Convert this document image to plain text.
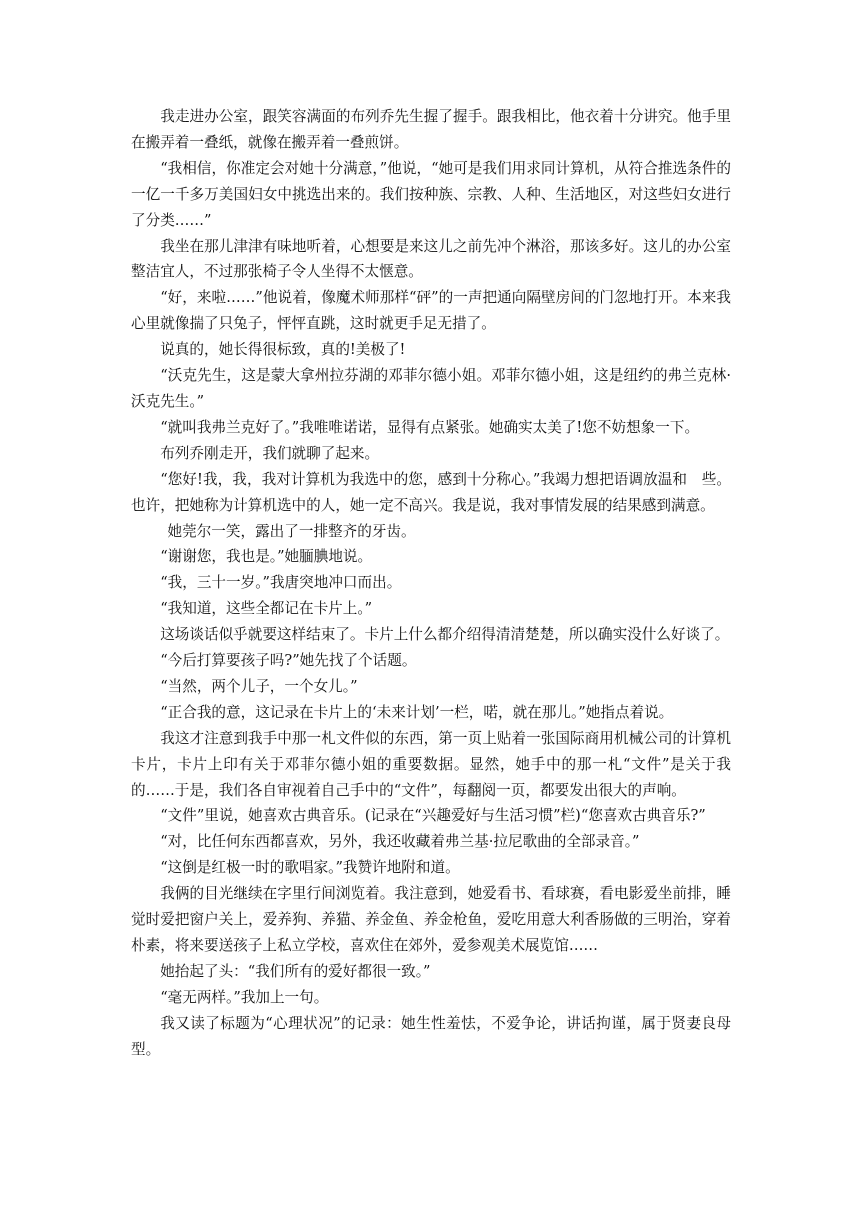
我走进办公室，跟笑容满面的布列乔先生握了握手。跟我相比，他衣着十分讲究。他手里在搬弄着一叠纸，就像在搬弄着一叠煎饼。

“我相信，你准定会对她十分满意，”他说，“她可是我们用求同计算机，从符合推选条件的一亿一千多万美国妇女中挑选出来的。我们按种族、宗教、人种、生活地区，对这些妇女进行了分类……”

我坐在那儿津津有味地听着，心想要是来这儿之前先冲个淋浴，那该多好。这儿的办公室整洁宜人，不过那张椅子令人坐得不太惬意。

“好，来啦……”他说着，像魔术师那样“砰”的一声把通向隔壁房间的门忽地打开。本来我心里就像揣了只兔子，怦怦直跳，这时就更手足无措了。

说真的，她长得很标致，真的!美极了!

“沃克先生，这是蒙大拿州拉芬湖的邓菲尔德小姐。邓菲尔德小姐，这是纽约的弗兰克林·沃克先生。”

“就叫我弗兰克好了。”我唯唯诺诺，显得有点紧张。她确实太美了!您不妨想象一下。

布列乔刚走开，我们就聊了起来。

“您好!我，我，我对计算机为我选中的您，感到十分称心。”我竭力想把语调放温和　些。也许，把她称为计算机选中的人，她一定不高兴。我是说，我对事情发展的结果感到满意。

她莞尔一笑，露出了一排整齐的牙齿。

“谢谢您，我也是。”她腼腆地说。

“我，三十一岁。”我唐突地冲口而出。

“我知道，这些全都记在卡片上。”

这场谈话似乎就要这样结束了。卡片上什么都介绍得清清楚楚，所以确实没什么好谈了。

“今后打算要孩子吗?”她先找了个话题。

“当然，两个儿子，一个女儿。”

“正合我的意，这记录在卡片上的‘未来计划’一栏，喏，就在那儿。”她指点着说。

我这才注意到我手中那一札文件似的东西，第一页上贴着一张国际商用机械公司的计算机卡片，卡片上印有关于邓菲尔德小姐的重要数据。显然，她手中的那一札“文件”是关于我的……于是，我们各自审视着自己手中的“文件”，每翻阅一页，都要发出很大的声响。

“文件”里说，她喜欢古典音乐。(记录在“兴趣爱好与生活习惯”栏)“您喜欢古典音乐?”

“对，比任何东西都喜欢，另外，我还收藏着弗兰基·拉尼歌曲的全部录音。”

“这倒是红极一时的歌唱家。”我赞许地附和道。

我俩的目光继续在字里行间浏览着。我注意到，她爱看书、看球赛，看电影爱坐前排，睡觉时爱把窗户关上，爱养狗、养猫、养金鱼、养金枪鱼，爱吃用意大利香肠做的三明治，穿着朴素，将来要送孩子上私立学校，喜欢住在郊外，爱参观美术展览馆……

她抬起了头：“我们所有的爱好都很一致。”

“毫无两样。”我加上一句。

我又读了标题为“心理状况”的记录：她生性羞怯，不爱争论，讲话拘谨，属于贤妻良母型。
